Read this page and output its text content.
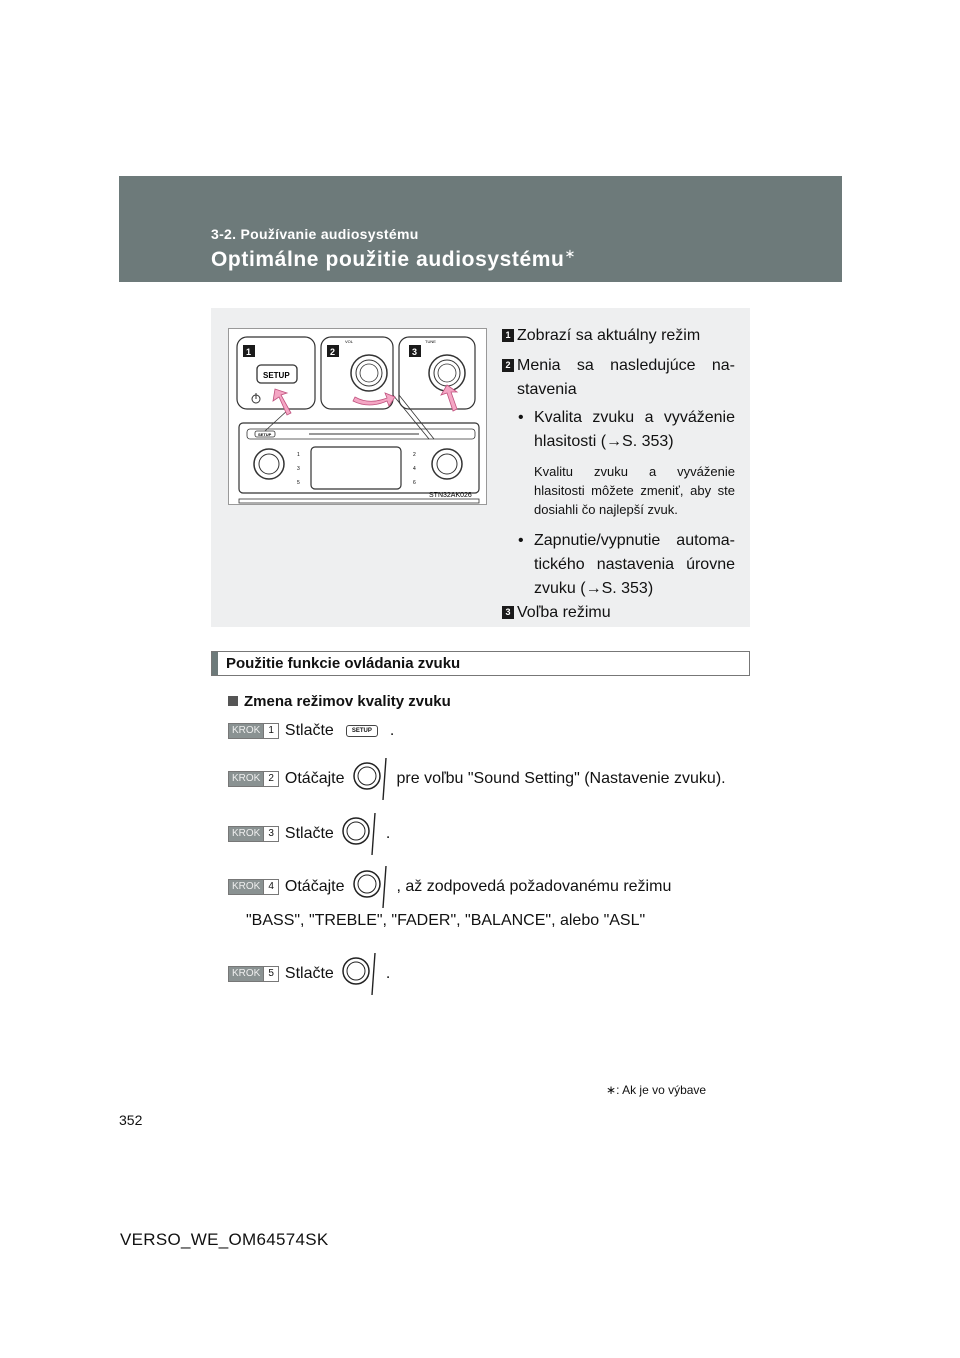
3-2. Používanie audiosystému
Optimálne použitie audiosystému∗
SETUP
1	2
3	4
5	6
1
SETUP
2
VOL
3
TUNE
STN32AK026
1 Zobrazí sa aktuálny režim
2 Menia sa nasledujúce na- stavenia
• Kvalita zvuku a vyváženie hlasitosti (→S. 353)
Kvalitu zvuku a vyváženie hlasitosti môžete zmeniť, aby ste dosiahli čo najlepší zvuk.
• Zapnutie/vypnutie automa- tického nastavenia úrovne zvuku (→S. 353)
3 Voľba režimu
Použitie funkcie ovládania zvuku
Zmena režimov kvality zvuku
KROK 1 Stlačte	SETUP	.
KROK 2 Otáčajte	pre voľbu "Sound Setting" (Nastavenie zvuku).
KROK 3 Stlačte	.
KROK 4 Otáčajte	, až zodpovedá požadovanému režimu
"BASS", "TREBLE", "FADER", "BALANCE", alebo "ASL"
KROK 5 Stlačte	.
∗: Ak je vo výbave
352
VERSO_WE_OM64574SK
